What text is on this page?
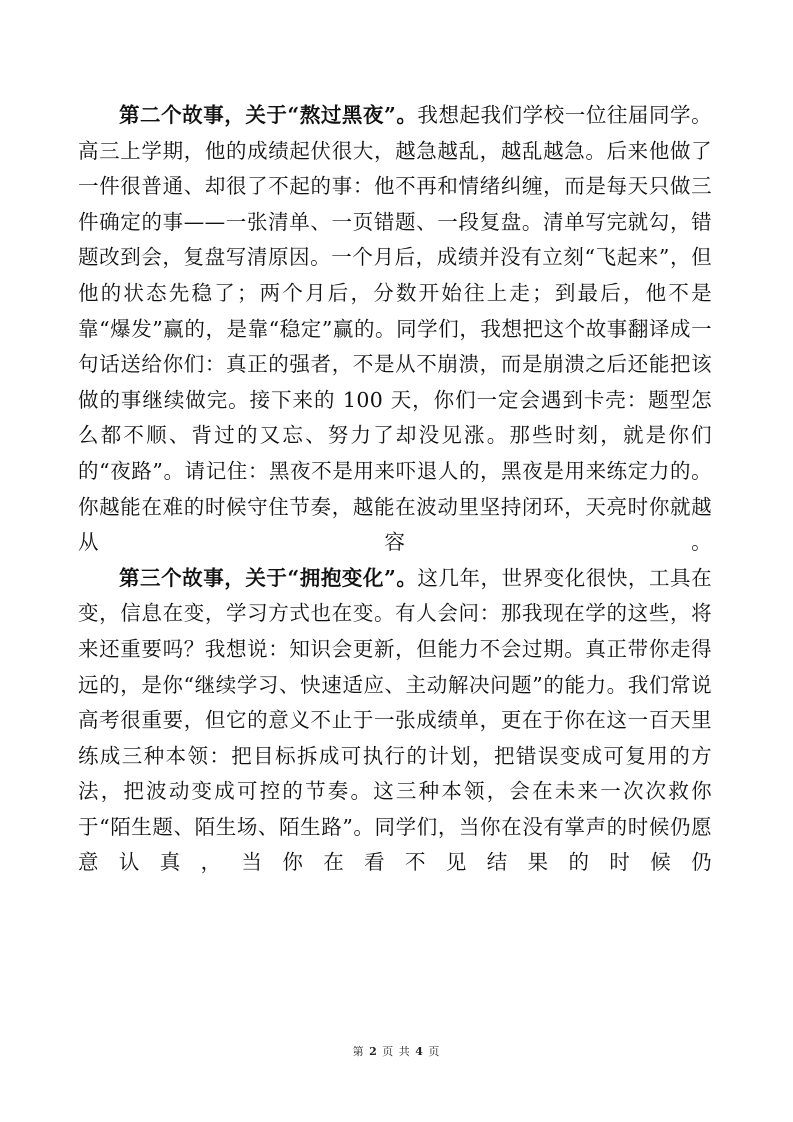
第二个故事，关于“熬过黑夜”。我想起我们学校一位往届同学。高三上学期，他的成绩起伏很大，越急越乱，越乱越急。后来他做了一件很普通、却很了不起的事：他不再和情绪纠缠，而是每天只做三件确定的事——一张清单、一页错题、一段复盘。清单写完就勾，错题改到会，复盘写清原因。一个月后，成绩并没有立刻“飞起来”，但他的状态先稳了；两个月后，分数开始往上走；到最后，他不是靠“爆发”赢的，是靠“稳定”赢的。同学们，我想把这个故事翻译成一句话送给你们：真正的强者，不是从不崩溃，而是崩溃之后还能把该做的事继续做完。接下来的 100 天，你们一定会遇到卡壳：题型怎么都不顺、背过的又忘、努力了却没见涨。那些时刻，就是你们的“夜路”。请记住：黑夜不是用来吓退人的，黑夜是用来练定力的。你越能在难的时候守住节奏，越能在波动里坚持闭环，天亮时你就越从容。

第三个故事，关于“拥抱变化”。这几年，世界变化很快，工具在变，信息在变，学习方式也在变。有人会问：那我现在学的这些，将来还重要吗？我想说：知识会更新，但能力不会过期。真正带你走得远的，是你“继续学习、快速适应、主动解决问题”的能力。我们常说高考很重要，但它的意义不止于一张成绩单，更在于你在这一百天里练成三种本领：把目标拆成可执行的计划，把错误变成可复用的方法，把波动变成可控的节奏。这三种本领，会在未来一次次救你于“陌生题、陌生场、陌生路”。同学们，当你在没有掌声的时候仍愿意认真，当你在看不见结果的时候仍

第 2 页 共 4 页
